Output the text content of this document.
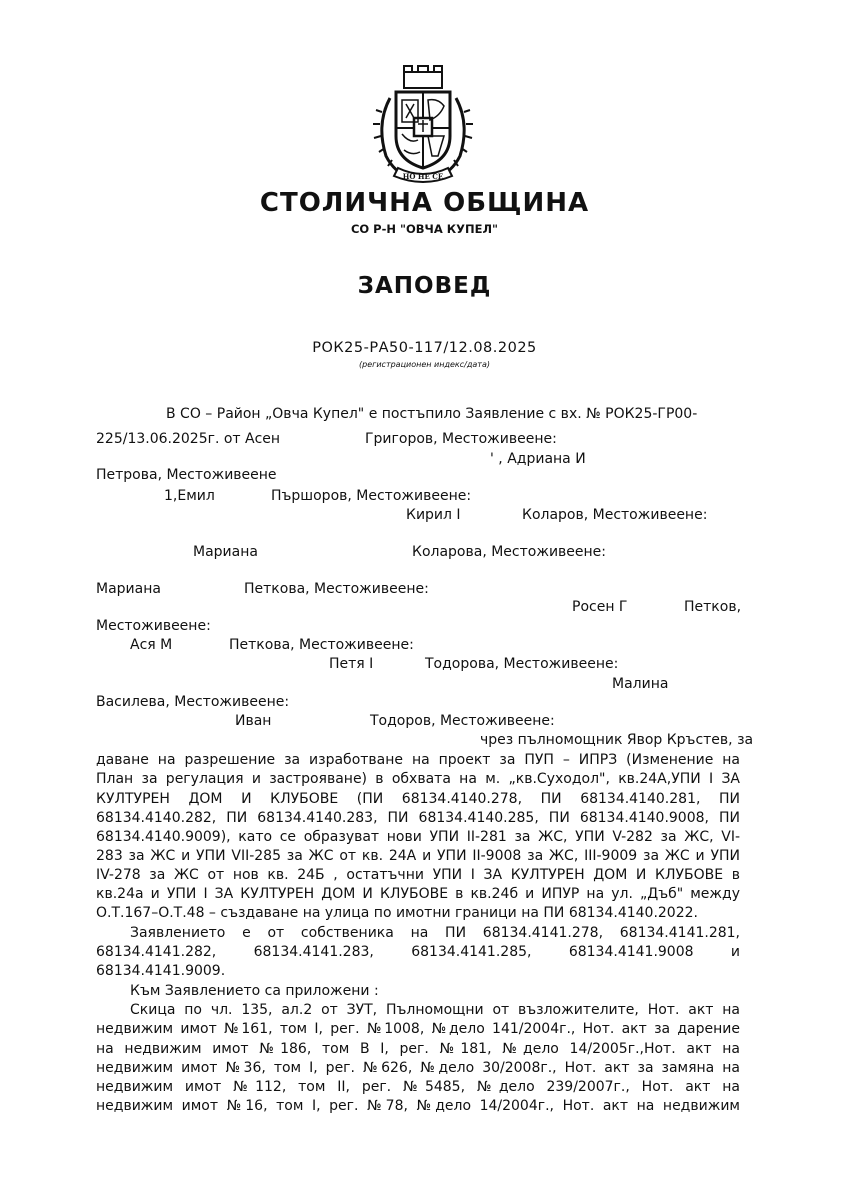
НО НЕ СЕ
СТОЛИЧНА ОБЩИНА
СО Р-Н "ОВЧА КУПЕЛ"
ЗАПОВЕД
РОК25-РА50-117/12.08.2025
(регистрационен индекс/дата)
В СО – Район „Овча Купел" е постъпило Заявление с вх. № РОК25-ГР00-
225/13.06.2025г. от Асен	Григоров, Местоживеене:
' , Адриана И
Петрова, Местоживеене
1,Емил	Пършоров, Местоживеене:
Кирил І	Коларов, Местоживеене:
Мариана	Коларова, Местоживеене:
Мариана	Петкова, Местоживеене:
Росен Г	Петков,
Местоживеене:
Ася М	Петкова, Местоживеене:
Петя І	Тодорова, Местоживеене:
Малина
Василева, Местоживеене:
Иван	Тодоров, Местоживеене:
чрез пълномощник Явор Кръстев, за
даване на разрешение за изработване на проект за ПУП – ИПРЗ (Изменение на
План за регулация и застрояване) в обхвата на м. „кв.Суходол", кв.24А,УПИ І ЗА
КУЛТУРЕН ДОМ И КЛУБОВЕ (ПИ 68134.4140.278, ПИ 68134.4140.281, ПИ
68134.4140.282, ПИ 68134.4140.283, ПИ 68134.4140.285, ПИ 68134.4140.9008, ПИ
68134.4140.9009), като се образуват нови УПИ ІІ-281 за ЖС, УПИ V-282 за ЖС, VІ-
283 за ЖС и УПИ VІІ-285 за ЖС от кв. 24А и УПИ ІІ-9008 за ЖС, ІІІ-9009 за ЖС и УПИ
ІV-278 за ЖС от нов кв. 24Б , остатъчни УПИ І ЗА КУЛТУРЕН ДОМ И КЛУБОВЕ в
кв.24а и УПИ І ЗА КУЛТУРЕН ДОМ И КЛУБОВЕ в кв.24б и ИПУР на ул. „Дъб" между
О.Т.167–О.Т.48 – създаване на улица по имотни граници на ПИ 68134.4140.2022.
Заявлението е от собственика на ПИ 68134.4141.278, 68134.4141.281,
68134.4141.282, 68134.4141.283, 68134.4141.285, 68134.4141.9008 и
68134.4141.9009.
Към Заявлението са приложени :
Скица по чл. 135, ал.2 от ЗУТ, Пълномощни от възложителите, Нот. акт на
недвижим имот №161, том І, рег. №1008, №дело 141/2004г., Нот. акт за дарение
на недвижим имот №186, том В І, рег. №181, №дело 14/2005г.,Нот. акт на
недвижим имот №36, том І, рег. №626, №дело 30/2008г., Нот. акт за замяна на
недвижим имот №112, том ІІ, рег. №5485, №дело 239/2007г., Нот. акт на
недвижим имот №16, том І, рег. №78, №дело 14/2004г., Нот. акт на недвижим
